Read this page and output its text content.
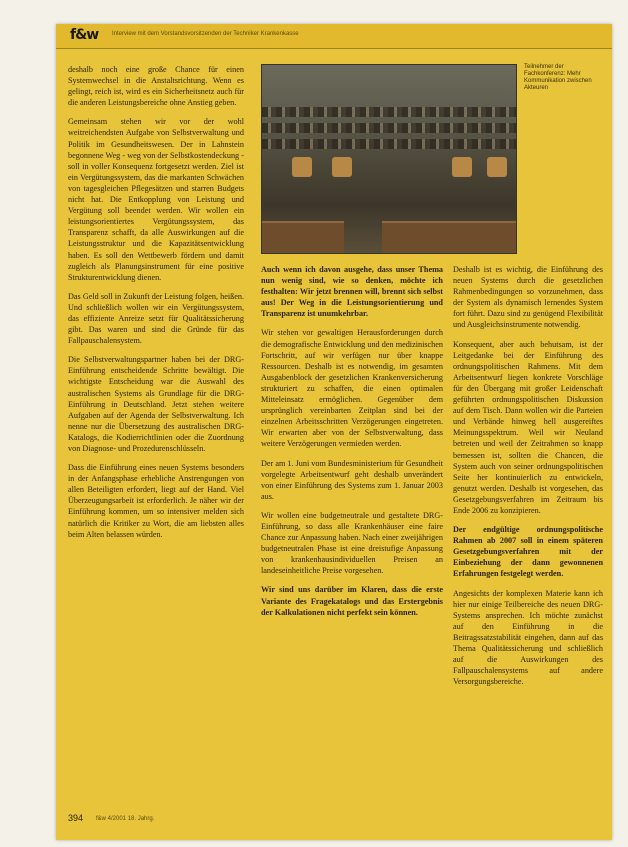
f&w Interview mit dem Vorstandsvorsitzenden der Techniker Krankenkasse
Teilnehmer der Fachkonferenz: Mehr Kommunikation zwischen Akteuren

deshalb noch eine große Chance für einen Systemwechsel in die Anstaltsrichtung. Wenn es gelingt, reich ist, wird es ein Sicherheitsnetz auch für die anderen Leistungsbereiche ohne Anstieg geben.

Gemeinsam stehen wir vor der wohl weitreichendsten Aufgabe von Selbstverwaltung und Politik im Gesundheitswesen. Der in Lahnstein begonnene Weg - weg von der Selbstkostendeckung - soll in voller Konsequenz fortgesetzt werden. Ziel ist ein Vergütungssystem, das die markanten Schwächen von tagesgleichen Pflegesätzen und starren Budgets nicht hat. Die Entkopplung von Leistung und Vergütung soll beendet werden. Wir wollen ein leistungsorientiertes Vergütungssystem, das Transparenz schafft, da alle Auswirkungen auf die Leistungsstruktur und die Kapazitätsentwicklung haben. Es soll den Wettbewerb fördern und damit zugleich als Planungsinstrument für eine positive Strukturentwicklung dienen.

Das Geld soll in Zukunft der Leistung folgen, heißen. Und schließlich wollen wir ein Vergütungssystem, das effiziente Anreize setzt für Qualitätssicherung gibt. Das waren und sind die Gründe für das Fallpauschalensystem.

Die Selbstverwaltungspartner haben bei der DRG-Einführung entscheidende Schritte bewältigt. Die wichtigste Entscheidung war die Auswahl des australischen Systems als Grundlage für die DRG-Einführung in Deutschland. Jetzt stehen weitere Aufgaben auf der Agenda der Selbstverwaltung. Ich nenne nur die Übersetzung des australischen DRG-Katalogs, die Kodierrichtlinien oder die Zuordnung von Diagnose- und Prozedurenschlüsseln.

Dass die Einführung eines neuen Systems besonders in der Anfangsphase erhebliche Anstrengungen von allen Beteiligten erfordert, liegt auf der Hand. Viel Überzeugungsarbeit ist erforderlich. Je näher wir der Einführung kommen, um so intensiver melden sich natürlich die Kritiker zu Wort, die am liebsten alles beim Alten belassen würden.

Auch wenn ich davon ausgehe, dass unser Thema nun wenig sind, wie so denken, möchte ich festhalten: Wir jetzt brennen will, brennt sich selbst aus! Der Weg in die Leistungsorientierung und Transparenz ist unumkehrbar.

Wir stehen vor gewaltigen Herausforderungen durch die demografische Entwicklung und den medizinischen Fortschritt, auf wir verfügen nur über knappe Ressourcen. Deshalb ist es notwendig, im gesamten Ausgabenblock der gesetzlichen Krankenversicherung strukturiert zu schaffen, die einen optimalen Mitteleinsatz ermöglichen. Gegenüber dem ursprünglich vereinbarten Zeitplan sind bei der einzelnen Arbeitsschritten Verzögerungen eingetreten. Wir erwarten aber von der Selbstverwaltung, dass weitere Verzögerungen vermieden werden.

Der am 1. Juni vom Bundesministerium für Gesundheit vorgelegte Arbeitsentwurf geht deshalb unverändert von einer Einführung des Systems zum 1. Januar 2003 aus.

Wir wollen eine budgetneutrale und gestaltete DRG-Einführung, so dass alle Krankenhäuser eine faire Chance zur Anpassung haben. Nach einer zweijährigen budgetneutralen Phase ist eine dreistufige Anpassung von krankenhausindividuellen Preisen an landeseinheitliche Preise vorgesehen.

Wir sind uns darüber im Klaren, dass die erste Variante des Fragekatalogs und das Erstergebnis der Kalkulationen nicht perfekt sein können.

Deshalb ist es wichtig, die Einführung des neuen Systems durch die gesetzlichen Rahmenbedingungen so vorzunehmen, dass der System als dynamisch lernendes System fort führt. Dazu sind zu genügend Flexibilität und Ausgleichsinstrumente notwendig.

Konsequent, aber auch behutsam, ist der Leitgedanke bei der Einführung des ordnungspolitischen Rahmens. Mit dem Arbeitsentwurf liegen konkrete Vorschläge für den Übergang mit großer Leidenschaft geführten ordnungspolitischen Diskussion auf dem Tisch. Dann wollen wir die Parteien und Verbände hinweg hell ausgereiftes Meinungsspektrum. Weil wir Neuland betreten und weil der Zeitrahmen so knapp bemessen ist, sollten die Chancen, die System auch von seiner ordnungspolitischen Seite her kontinuierlich zu entwickeln, genutzt werden. Deshalb ist vorgesehen, das Gesetzgebungsverfahren im Zeitraum bis Ende 2006 zu konzipieren.

Der endgültige ordnungspolitische Rahmen ab 2007 soll in einem späteren Gesetzgebungsverfahren mit der Einbeziehung der dann gewonnenen Erfahrungen festgelegt werden.

Angesichts der komplexen Materie kann ich hier nur einige Teilbereiche des neuen DRG-Systems ansprechen. Ich möchte zunächst auf den Einführung in die Beitragssatzstabilität eingehen, dann auf das Thema Qualitätssicherung und schließlich auf die Auswirkungen des Fallpauschalensystems auf andere Versorgungsbereiche.

394 f&w 4/2001 18. Jahrg.
